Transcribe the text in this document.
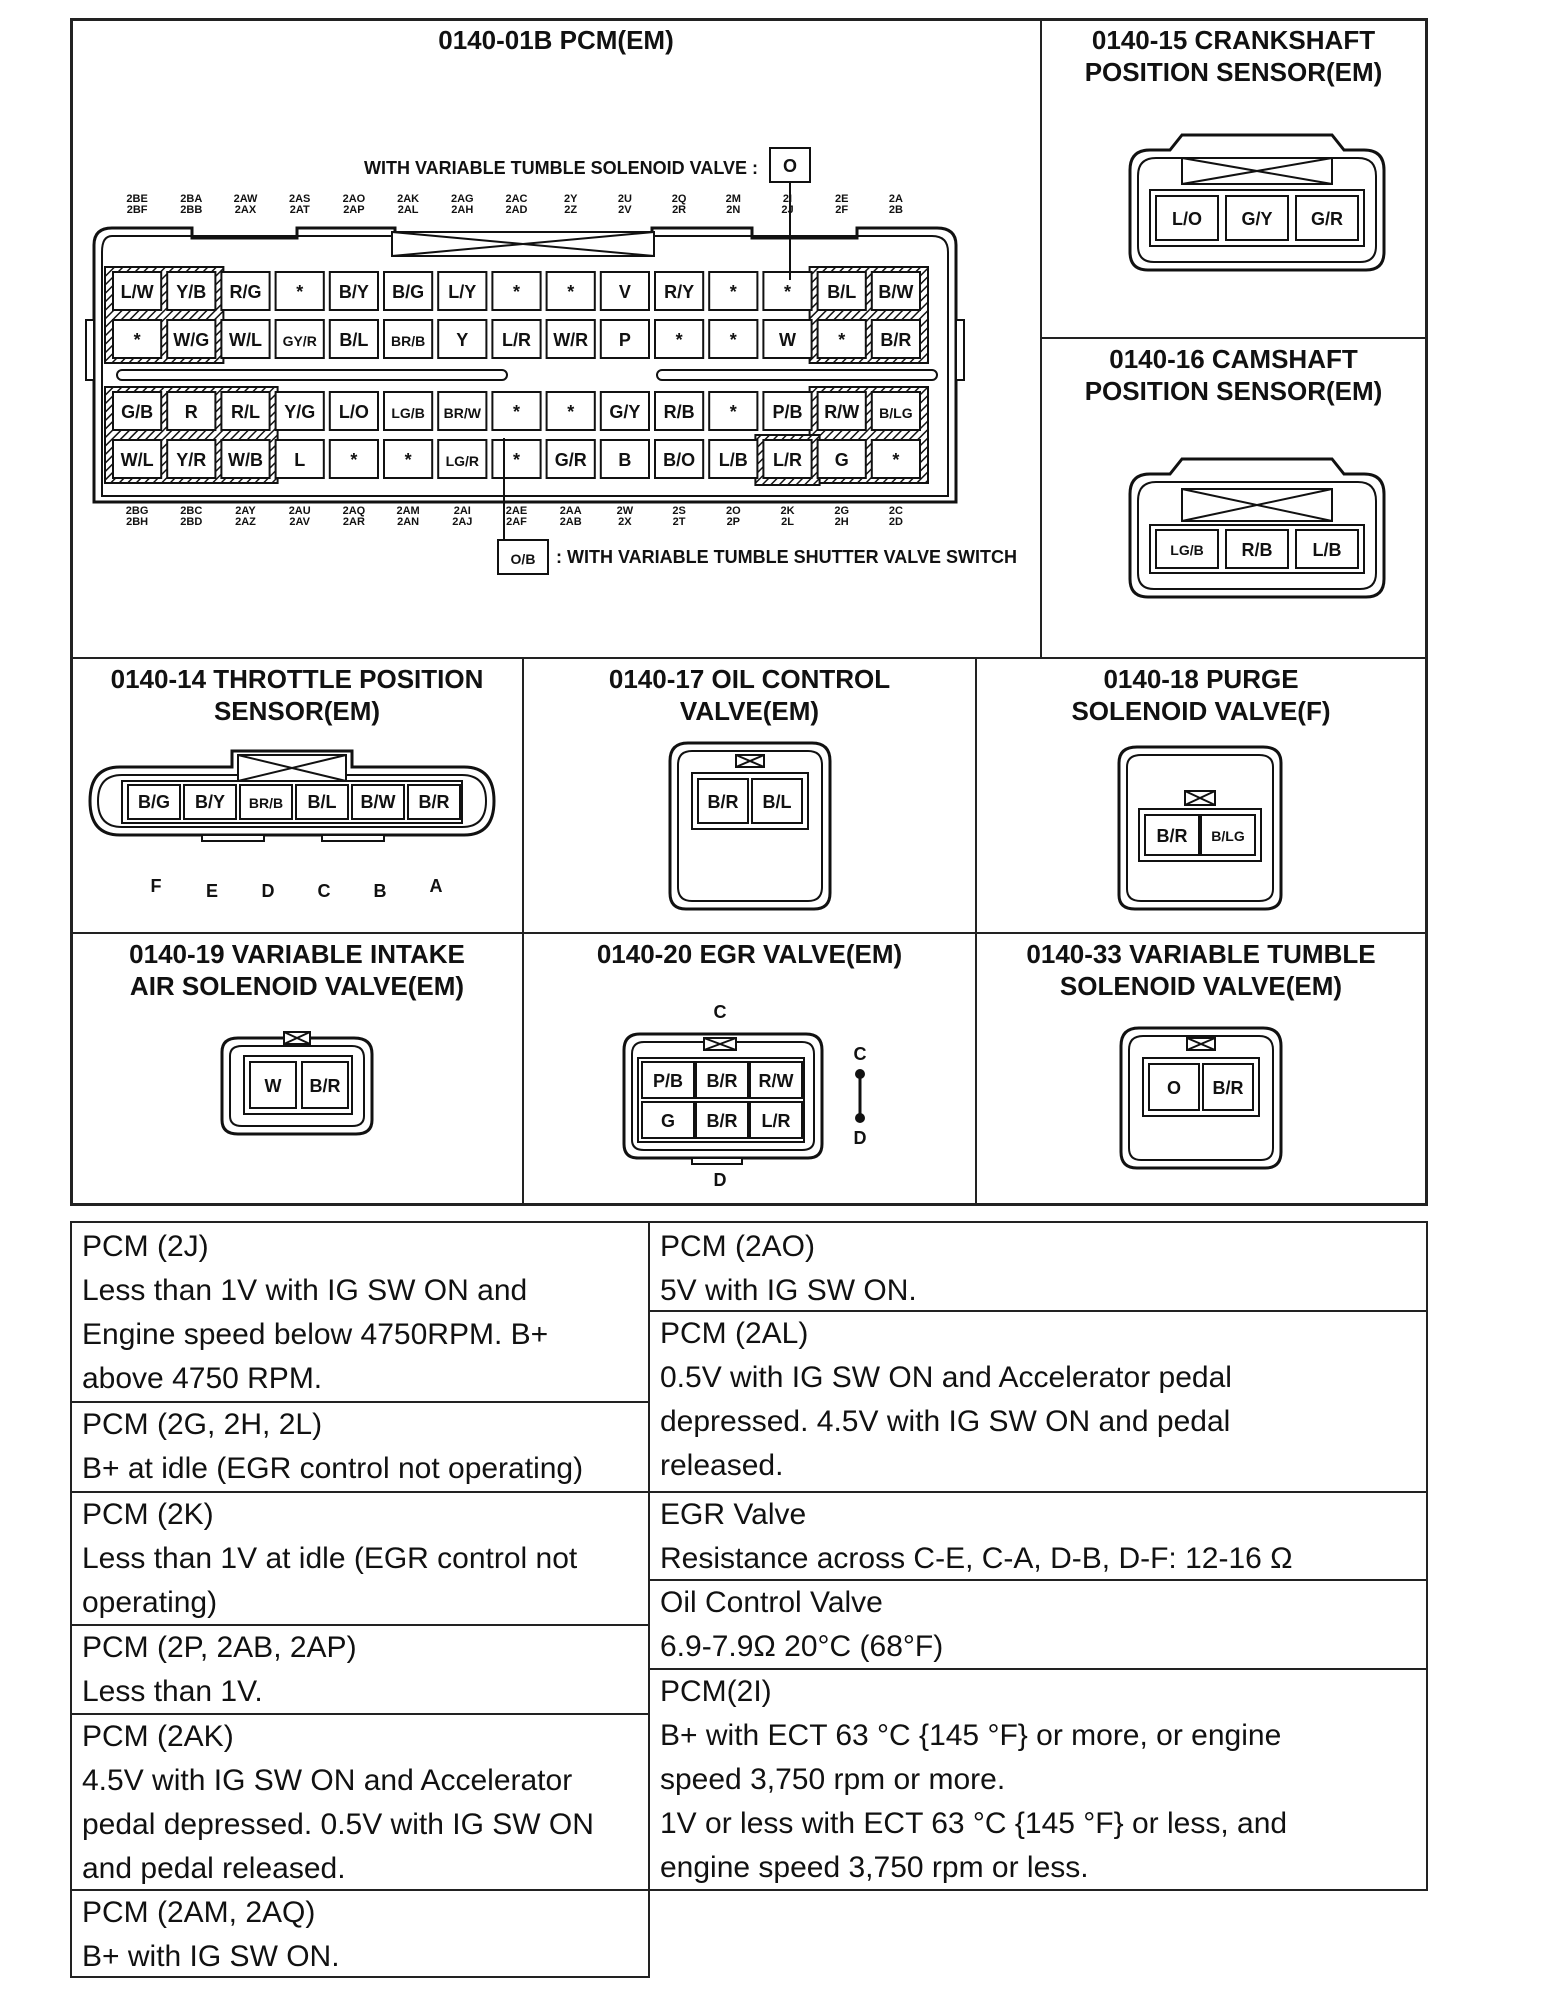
0140-01B PCM(EM)
L/W Y/B R/G * B/Y B/G L/Y *	* V R/Y *	* B/L B/W
* W/G W/L GY/R B/L BR/B Y L/R W/R P *	* W * B/R
G/B R R/L Y/G L/O LG/B BR/W *	* G/Y R/B * P/B R/W B/LG
W/L Y/R W/B L	*	* LG/R * G/R B B/O L/B L/R G *
2BE
2BF
2BA
2BB
2AW
2AX
2AS
2AT
2AO
2AP
2AK
2AL
2AG
2AH
2AC
2AD
2Y
2Z
2U
2V
2Q
2R
2M
2N
2I
2J
2E
2F
2A
2B
2BG
2BH
2BC
2BD
2AY
2AZ
2AU
2AV
2AQ
2AR
2AM
2AN
2AI
2AJ
2AE
2AF
2AA
2AB
2W
2X
2S
2T
2O
2P
2K
2L
2G
2H
2C
2D
WITH VARIABLE TUMBLE SOLENOID VALVE : O
O/B : WITH VARIABLE TUMBLE SHUTTER VALVE SWITCH
0140-15 CRANKSHAFT
POSITION SENSOR(EM)
L/O G/Y G/R
0140-16 CAMSHAFT
POSITION SENSOR(EM)
LG/B R/B L/B
0140-14 THROTTLE POSITION
SENSOR(EM)
B/G B/Y BR/B B/L B/W B/R
F E D C B A
0140-17 OIL CONTROL
VALVE(EM)
B/R B/L
0140-18 PURGE
SOLENOID VALVE(F)
B/R B/LG
0140-19 VARIABLE INTAKE
AIR SOLENOID VALVE(EM)
W B/R
0140-20 EGR VALVE(EM)
C
P/B B/R R/W
G B/R L/R
D
C
D
0140-33 VARIABLE TUMBLE
SOLENOID VALVE(EM)
O B/R
PCM (2J)
Less than 1V with IG SW ON and
Engine speed below 4750RPM. B+
above 4750 RPM.
PCM (2G, 2H, 2L)
B+ at idle (EGR control not operating)
PCM (2K)
Less than 1V at idle (EGR control not
operating)
PCM (2P, 2AB, 2AP)
Less than 1V.
PCM (2AK)
4.5V with IG SW ON and Accelerator
pedal depressed. 0.5V with IG SW ON
and pedal released.
PCM (2AM, 2AQ)
B+ with IG SW ON.
PCM (2AO)
5V with IG SW ON.
PCM (2AL)
0.5V with IG SW ON and Accelerator pedal
depressed. 4.5V with IG SW ON and pedal
released.
EGR Valve
Resistance across C-E, C-A, D-B, D-F: 12-16 Ω
Oil Control Valve
6.9-7.9Ω 20°C (68°F)
PCM(2I)
B+ with ECT 63 °C {145 °F} or more, or engine
speed 3,750 rpm or more.
1V or less with ECT 63 °C {145 °F} or less, and
engine speed 3,750 rpm or less.
